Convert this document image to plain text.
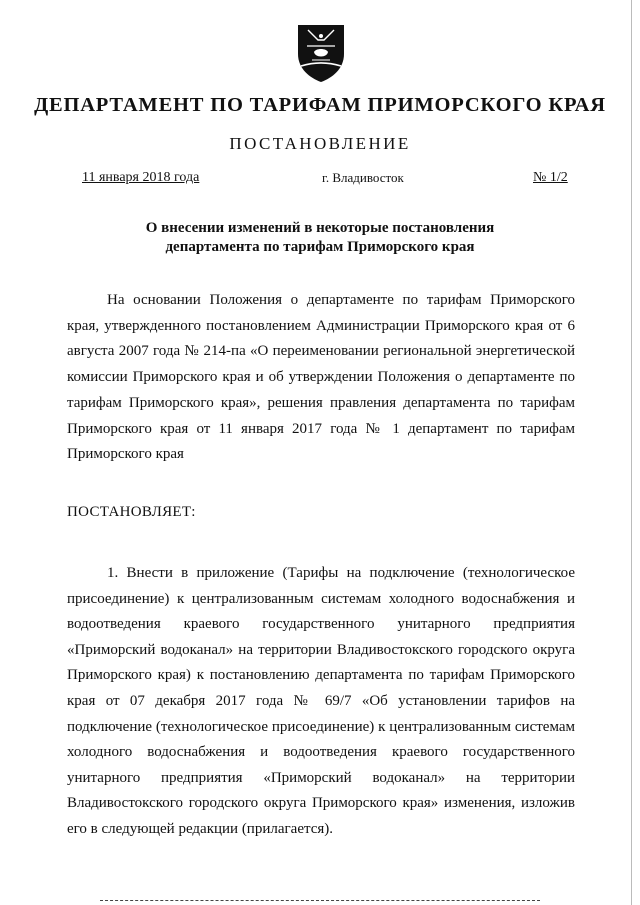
ДЕПАРТАМЕНТ ПО ТАРИФАМ ПРИМОРСКОГО КРАЯ
ПОСТАНОВЛЕНИЕ
11 января 2018 года	г. Владивосток	№ 1/2
О внесении изменений в некоторые постановления
департамента по тарифам Приморского края

На основании Положения о департаменте по тарифам Приморского края, утвержденного постановлением Администрации Приморского края от 6 августа 2007 года № 214-па «О переименовании региональной энергетической комиссии Приморского края и об утверждении Положения о департаменте по тарифам Приморского края», решения правления департамента по тарифам Приморского края от 11 января 2017 года № 1 департамент по тарифам Приморского края

ПОСТАНОВЛЯЕТ:

1. Внести в приложение (Тарифы на подключение (технологическое присоединение) к централизованным системам холодного водоснабжения и водоотведения краевого государственного унитарного предприятия «Приморский водоканал» на территории Владивостокского городского округа Приморского края) к постановлению департамента по тарифам Приморского края от 07 декабря 2017 года № 69/7 «Об установлении тарифов на подключение (технологическое присоединение) к централизованным системам холодного водоснабжения и водоотведения краевого государственного унитарного предприятия «Приморский водоканал» на территории Владивостокского городского округа Приморского края» изменения, изложив его в следующей редакции (прилагается).
